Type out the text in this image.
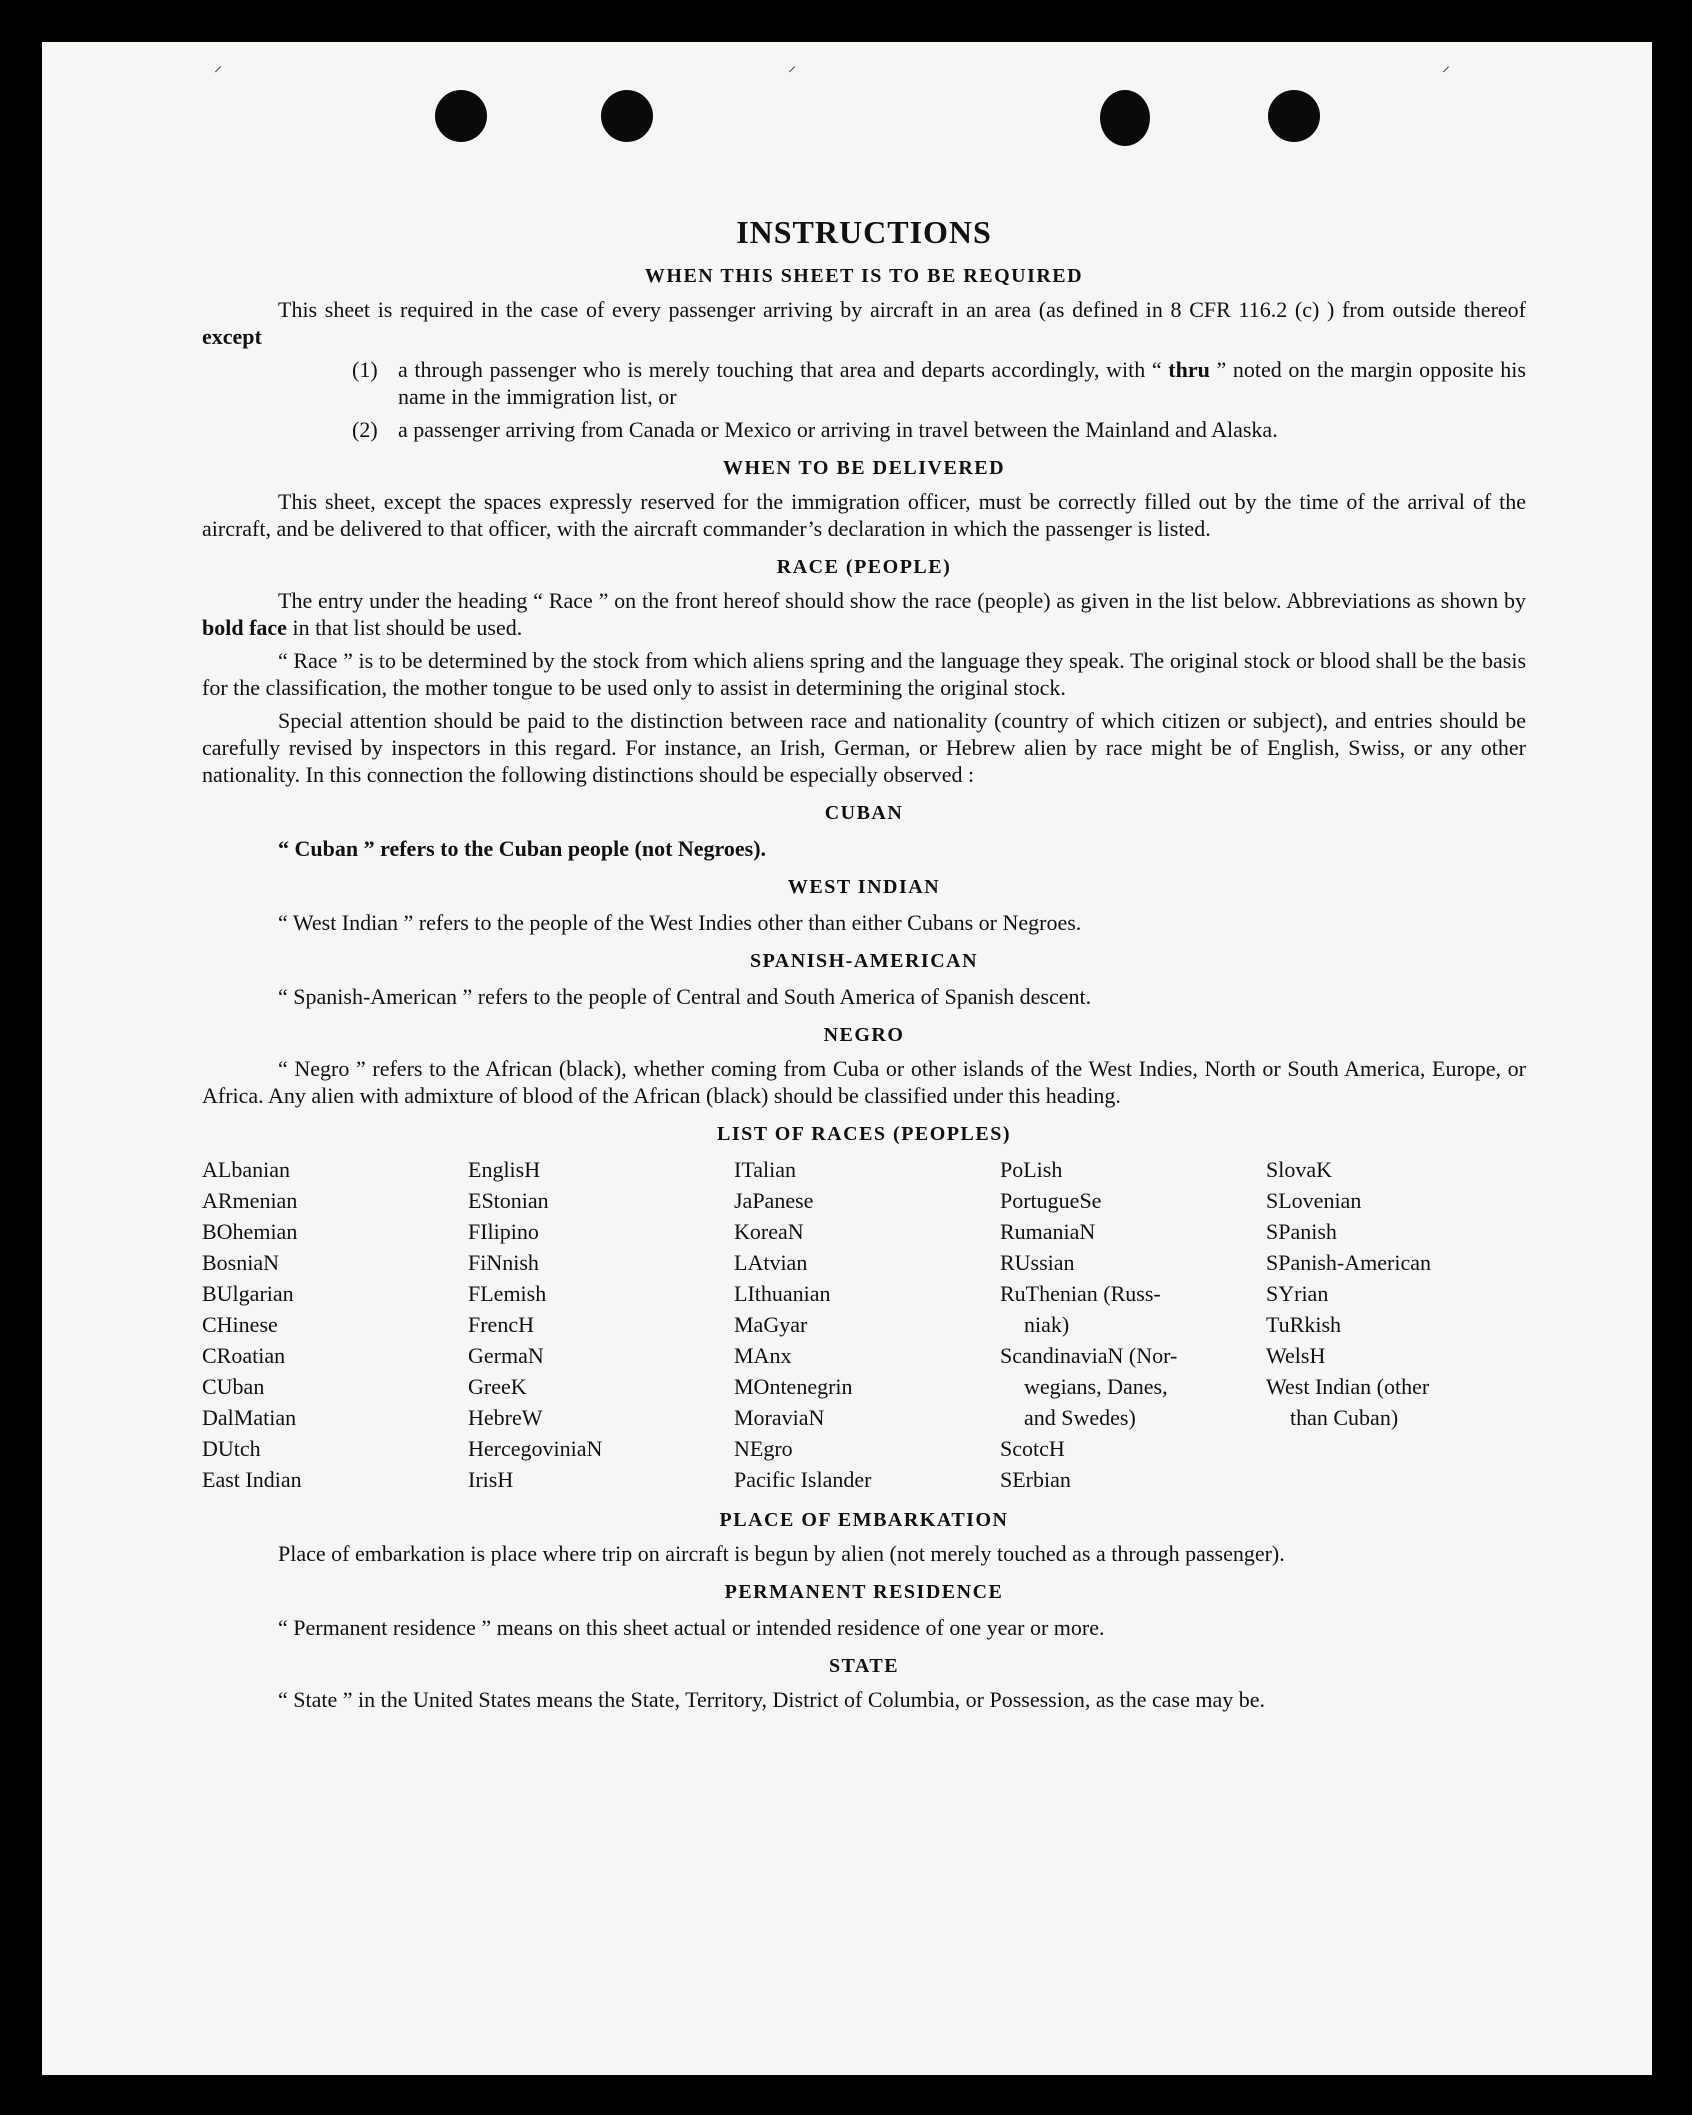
⸝	⸝	⸝
INSTRUCTIONS
WHEN THIS SHEET IS TO BE REQUIRED

This sheet is required in the case of every passenger arriving by aircraft in an area (as defined in 8 CFR 116.2 (c) ) from outside thereof except

(1) a through passenger who is merely touching that area and departs accordingly, with “ thru ” noted on the margin opposite his name in the immigration list, or
(2) a passenger arriving from Canada or Mexico or arriving in travel between the Mainland and Alaska.
WHEN TO BE DELIVERED

This sheet, except the spaces expressly reserved for the immigration officer, must be correctly filled out by the time of the arrival of the aircraft, and be delivered to that officer, with the aircraft commander’s declaration in which the passenger is listed.

RACE (PEOPLE)

The entry under the heading “ Race ” on the front hereof should show the race (people) as given in the list below. Abbreviations as shown by bold face in that list should be used.

“ Race ” is to be determined by the stock from which aliens spring and the language they speak. The original stock or blood shall be the basis for the classification, the mother tongue to be used only to assist in determining the original stock.

Special attention should be paid to the distinction between race and nationality (country of which citizen or subject), and entries should be carefully revised by inspectors in this regard. For instance, an Irish, German, or Hebrew alien by race might be of English, Swiss, or any other nationality. In this connection the following distinctions should be especially observed :

CUBAN
“ Cuban ” refers to the Cuban people (not Negroes).
WEST INDIAN
“ West Indian ” refers to the people of the West Indies other than either Cubans or Negroes.
SPANISH-AMERICAN
“ Spanish-American ” refers to the people of Central and South America of Spanish descent.
NEGRO

“ Negro ” refers to the African (black), whether coming from Cuba or other islands of the West Indies, North or South America, Europe, or Africa. Any alien with admixture of blood of the African (black) should be classified under this heading.

LIST OF RACES (PEOPLES)
ALbanian	EnglisH	ITalian	PoLish	SlovaK
ARmenian	EStonian	JaPanese	PortugueSe	SLovenian
BOhemian	FIlipino	KoreaN	RumaniaN	SPanish
BosniaN	FiNnish	LAtvian	RUssian	SPanish-American
BUlgarian	FLemish	LIthuanian	RuThenian (Russ-	SYrian
CHinese	FrencH	MaGyar	niak)	TuRkish
CRoatian	GermaN	MAnx	ScandinaviaN (Nor-	WelsH
CUban	GreeK	MOntenegrin	wegians, Danes,	West Indian (other
DalMatian	HebreW	MoraviaN	and Swedes)	than Cuban)
DUtch	HercegoviniaN	NEgro	ScotcH
East Indian	IrisH	Pacific Islander	SErbian
PLACE OF EMBARKATION

Place of embarkation is place where trip on aircraft is begun by alien (not merely touched as a through passenger).

PERMANENT RESIDENCE
“ Permanent residence ” means on this sheet actual or intended residence of one year or more.
STATE

“ State ” in the United States means the State, Territory, District of Columbia, or Possession, as the case may be.
